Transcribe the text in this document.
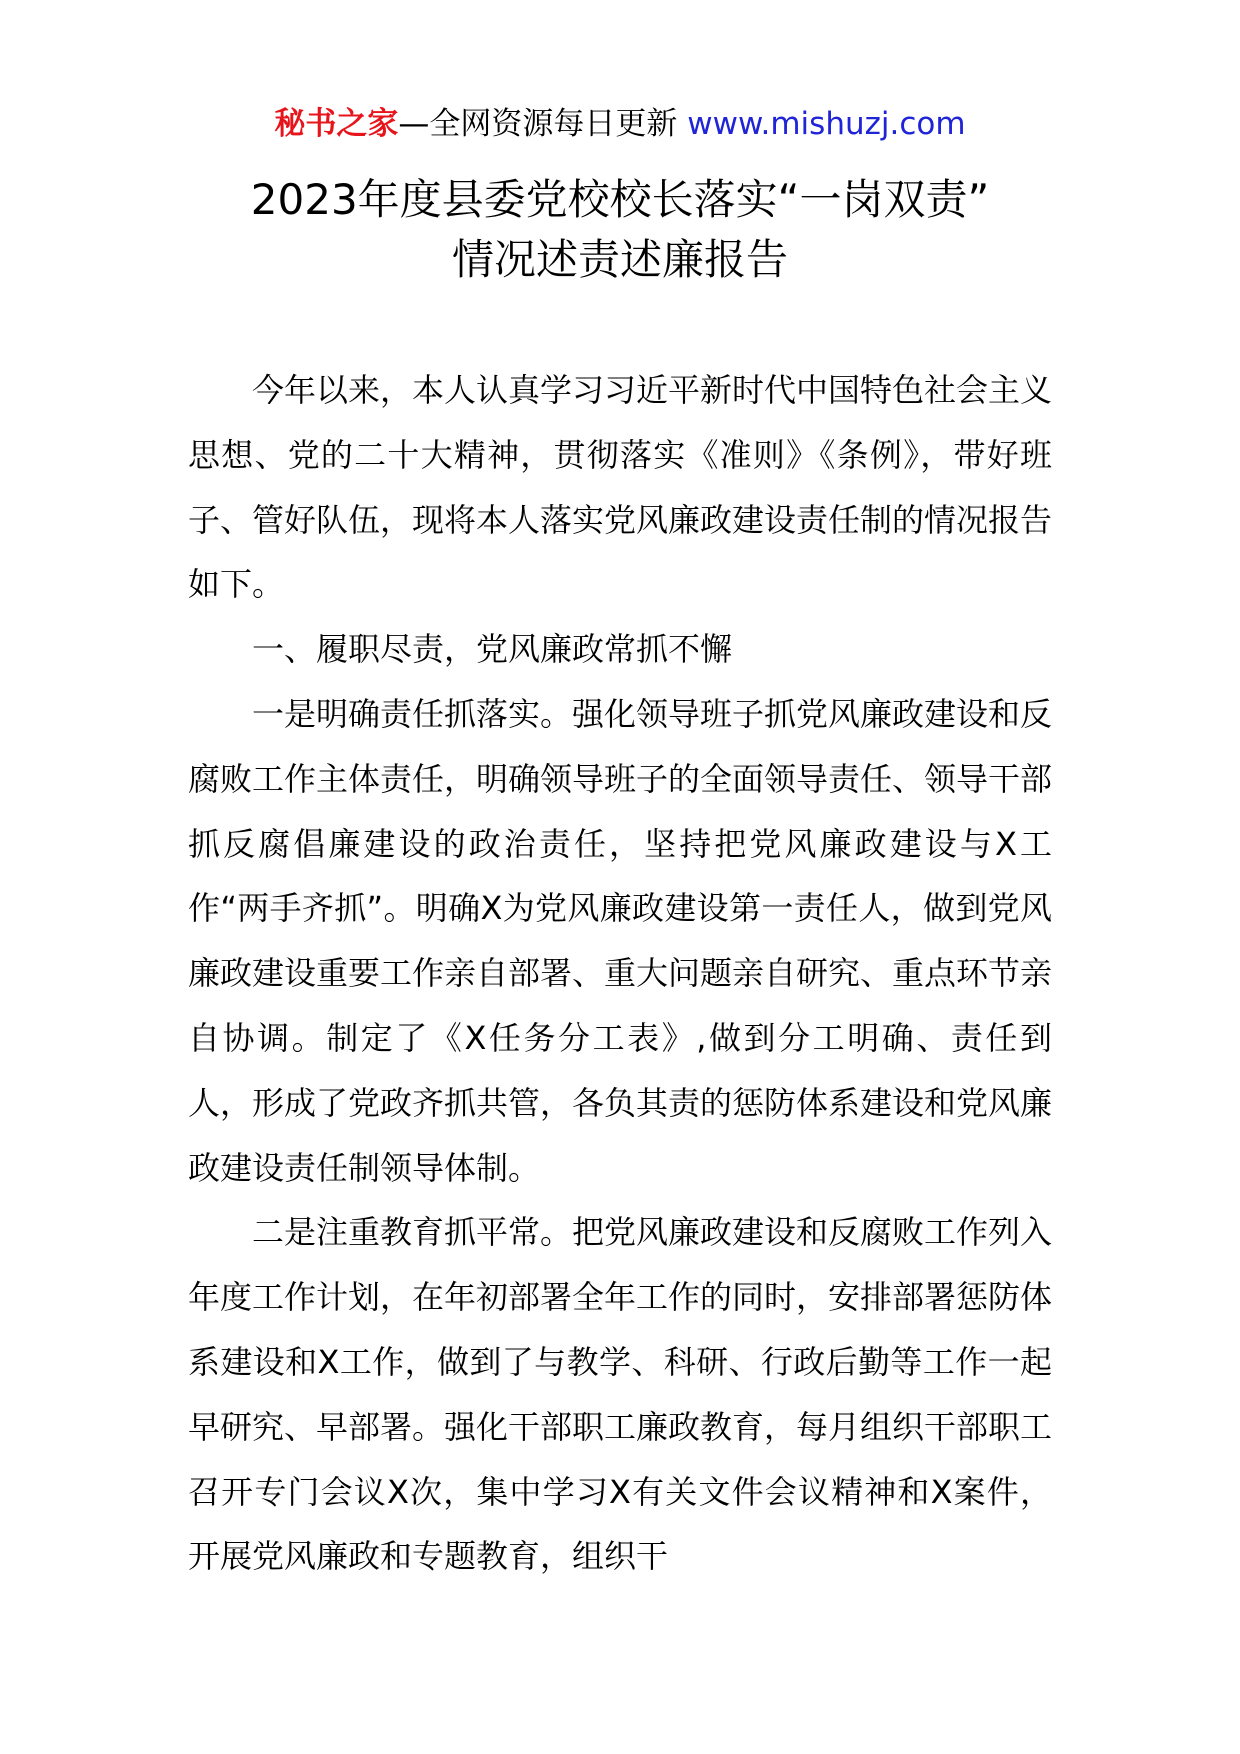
秘书之家—全网资源每日更新 www.mishuzj.com
2023年度县委党校校长落实“一岗双责”
情况述责述廉报告

今年以来，本人认真学习习近平新时代中国特色社会主义思想、党的二十大精神，贯彻落实《准则》《条例》，带好班子、管好队伍，现将本人落实党风廉政建设责任制的情况报告如下。

一、履职尽责，党风廉政常抓不懈

一是明确责任抓落实。强化领导班子抓党风廉政建设和反腐败工作主体责任，明确领导班子的全面领导责任、领导干部抓反腐倡廉建设的政治责任，坚持把党风廉政建设与X工作“两手齐抓”。明确X为党风廉政建设第一责任人，做到党风廉政建设重要工作亲自部署、重大问题亲自研究、重点环节亲自协调。制定了《X任务分工表》,做到分工明确、责任到人，形成了党政齐抓共管，各负其责的惩防体系建设和党风廉政建设责任制领导体制。

二是注重教育抓平常。把党风廉政建设和反腐败工作列入年度工作计划，在年初部署全年工作的同时，安排部署惩防体系建设和X工作，做到了与教学、科研、行政后勤等工作一起早研究、早部署。强化干部职工廉政教育，每月组织干部职工召开专门会议X次，集中学习X有关文件会议精神和X案件，开展党风廉政和专题教育，组织干
